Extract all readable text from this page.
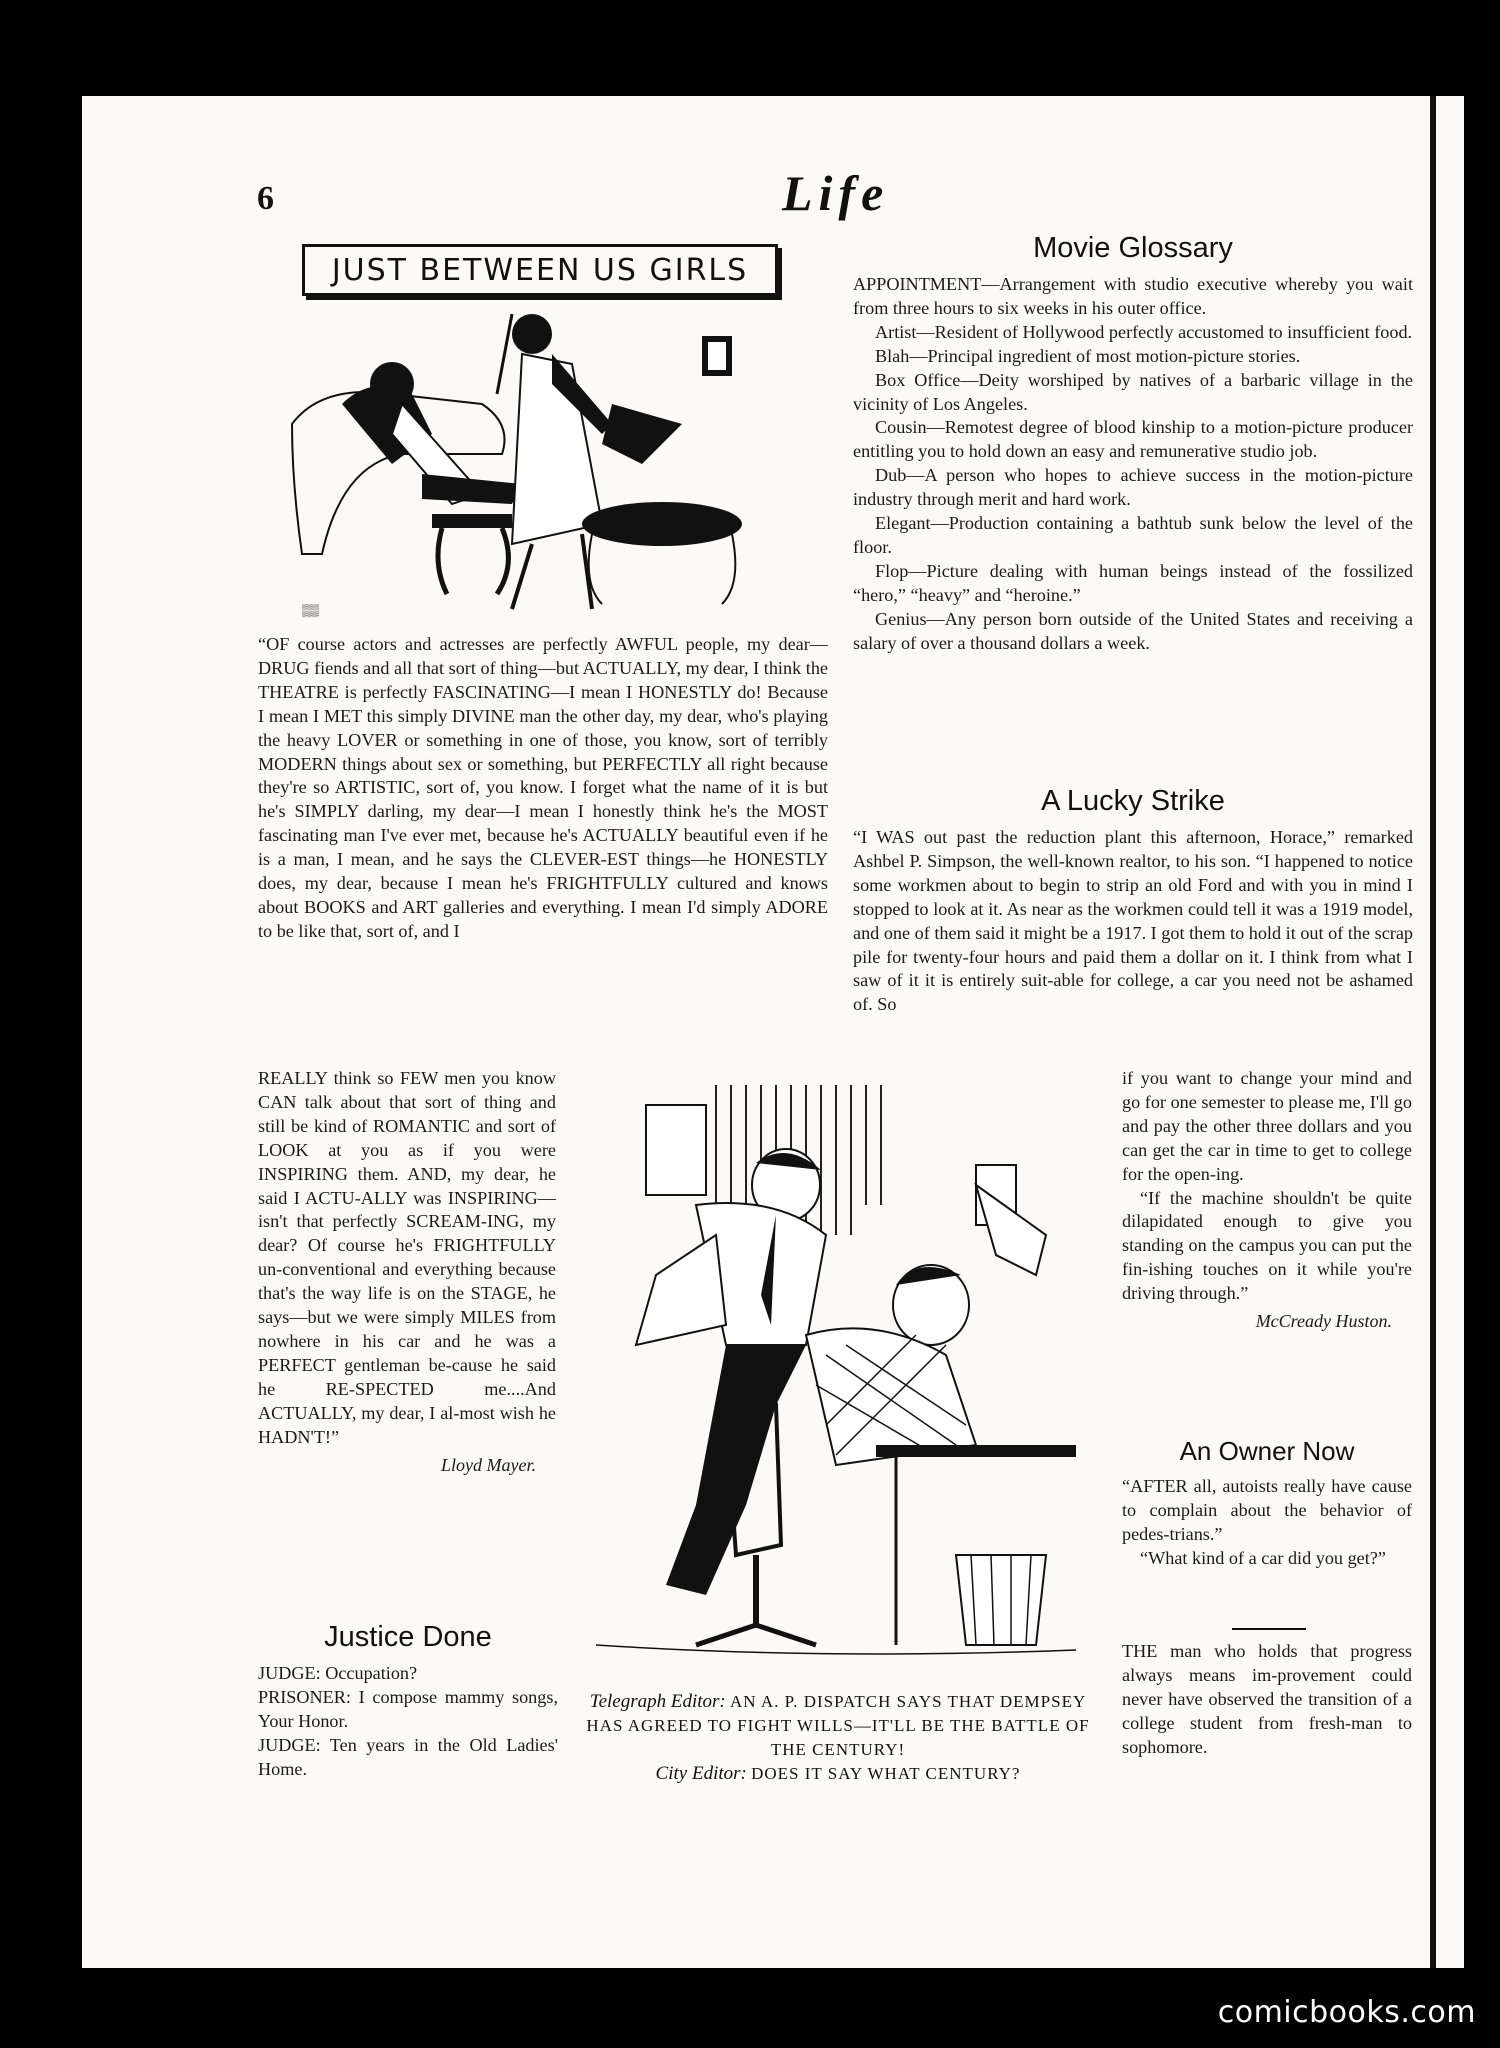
6	Life
JUST BETWEEN US GIRLS
▒▒

“OF course actors and actresses are perfectly AWFUL people, my dear—DRUG fiends and all that sort of thing—but ACTUALLY, my dear, I think the THEATRE is perfectly FASCINATING—I mean I HONESTLY do! Because I mean I MET this simply DIVINE man the other day, my dear, who's playing the heavy LOVER or something in one of those, you know, sort of terribly MODERN things about sex or something, but PERFECTLY all right because they're so ARTISTIC, sort of, you know. I forget what the name of it is but he's SIMPLY darling, my dear—I mean I honestly think he's the MOST fascinating man I've ever met, because he's ACTUALLY beautiful even if he is a man, I mean, and he says the CLEVER-EST things—he HONESTLY does, my dear, because I mean he's FRIGHTFULLY cultured and knows about BOOKS and ART galleries and everything. I mean I'd simply ADORE to be like that, sort of, and I

REALLY think so FEW men you know CAN talk about that sort of thing and still be kind of ROMANTIC and sort of LOOK at you as if you were INSPIRING them. AND, my dear, he said I ACTU-ALLY was INSPIRING—isn't that perfectly SCREAM-ING, my dear? Of course he's FRIGHTFULLY un-conventional and everything because that's the way life is on the STAGE, he says—but we were simply MILES from nowhere in his car and he was a PERFECT gentleman be-cause he said he RE-SPECTED me....And ACTUALLY, my dear, I al-most wish he HADN'T!”

Lloyd Mayer.
Justice Done

JUDGE: Occupation?

PRISONER: I compose mammy songs, Your Honor.

JUDGE: Ten years in the Old Ladies' Home.

Telegraph Editor: AN A. P. DISPATCH SAYS THAT DEMPSEY HAS AGREED TO FIGHT WILLS—IT'LL BE THE BATTLE OF THE CENTURY!
City Editor: DOES IT SAY WHAT CENTURY?
Movie Glossary

APPOINTMENT—Arrangement with studio executive whereby you wait from three hours to six weeks in his outer office.

Artist—Resident of Hollywood perfectly accustomed to insufficient food.

Blah—Principal ingredient of most motion-picture stories.

Box Office—Deity worshiped by natives of a barbaric village in the vicinity of Los Angeles.

Cousin—Remotest degree of blood kinship to a motion-picture producer entitling you to hold down an easy and remunerative studio job.

Dub—A person who hopes to achieve success in the motion-picture industry through merit and hard work.

Elegant—Production containing a bathtub sunk below the level of the floor.

Flop—Picture dealing with human beings instead of the fossilized “hero,” “heavy” and “heroine.”

Genius—Any person born outside of the United States and receiving a salary of over a thousand dollars a week.

A Lucky Strike

“I WAS out past the reduction plant this afternoon, Horace,” remarked Ashbel P. Simpson, the well-known realtor, to his son. “I happened to notice some workmen about to begin to strip an old Ford and with you in mind I stopped to look at it. As near as the workmen could tell it was a 1919 model, and one of them said it might be a 1917. I got them to hold it out of the scrap pile for twenty-four hours and paid them a dollar on it. I think from what I saw of it it is entirely suit-able for college, a car you need not be ashamed of. So

if you want to change your mind and go for one semester to please me, I'll go and pay the other three dollars and you can get the car in time to get to college for the open-ing.

“If the machine shouldn't be quite dilapidated enough to give you standing on the campus you can put the fin-ishing touches on it while you're driving through.”

McCready Huston.
An Owner Now

“AFTER all, autoists really have cause to complain about the behavior of pedes-trians.”

“What kind of a car did you get?”

THE man who holds that progress always means im-provement could never have observed the transition of a college student from fresh-man to sophomore.

comicbooks.com
